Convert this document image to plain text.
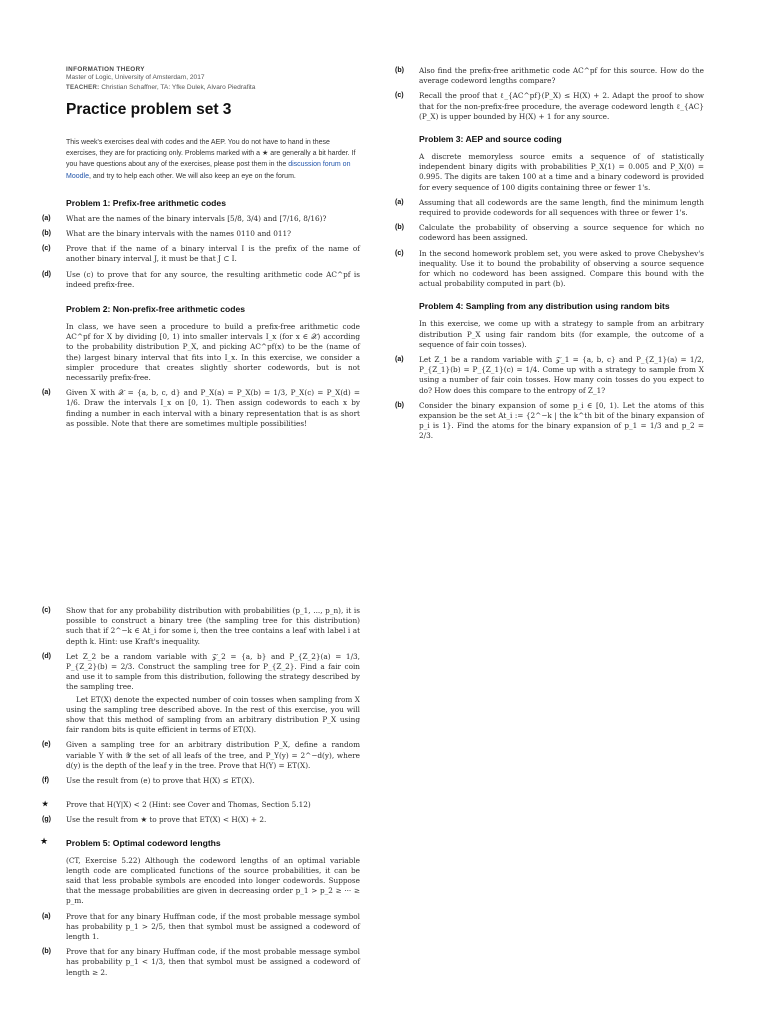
INFORMATION THEORY
Master of Logic, University of Amsterdam, 2017
TEACHER: Christian Schaffner, TA: Yfke Dulek, Alvaro Piedrafita
Practice problem set 3
This week's exercises deal with codes and the AEP. You do not have to hand in these exercises, they are for practicing only. Problems marked with a ★ are generally a bit harder. If you have questions about any of the exercises, please post them in the discussion forum on Moodle, and try to help each other. We will also keep an eye on the forum.
Problem 1: Prefix-free arithmetic codes
(a) What are the names of the binary intervals [5/8, 3/4) and [7/16, 8/16)?
(b) What are the binary intervals with the names 0110 and 011?
(c) Prove that if the name of a binary interval I is the prefix of the name of another binary interval J, it must be that J ⊂ I.
(d) Use (c) to prove that for any source, the resulting arithmetic code AC^pf is indeed prefix-free.
Problem 2: Non-prefix-free arithmetic codes
In class, we have seen a procedure to build a prefix-free arithmetic code AC^pf for X by dividing [0, 1) into smaller intervals I_x (for x ∈ 𝒳) according to the probability distribution P_X, and picking AC^pf(x) to be the (name of the) largest binary interval that fits into I_x. In this exercise, we consider a simpler procedure that creates slightly shorter codewords, but is not necessarily prefix-free.
(a) Given X with 𝒳 = {a, b, c, d} and P_X(a) = P_X(b) = 1/3, P_X(c) = P_X(d) = 1/6. Draw the intervals I_x on [0, 1). Then assign codewords to each x by finding a number in each interval with a binary representation that is as short as possible. Note that there are sometimes multiple possibilities!
(b) Also find the prefix-free arithmetic code AC^pf for this source. How do the average codeword lengths compare?
(c) Recall the proof that ℓ_{AC^pf}(P_X) ≤ H(X) + 2. Adapt the proof to show that for the non-prefix-free procedure, the average codeword length ℓ_{AC}(P_X) is upper bounded by H(X) + 1 for any source.
Problem 3: AEP and source coding
A discrete memoryless source emits a sequence of of statistically independent binary digits with probabilities P_X(1) = 0.005 and P_X(0) = 0.995. The digits are taken 100 at a time and a binary codeword is provided for every sequence of 100 digits containing three or fewer 1's.
(a) Assuming that all codewords are the same length, find the minimum length required to provide codewords for all sequences with three or fewer 1's.
(b) Calculate the probability of observing a source sequence for which no codeword has been assigned.
(c) In the second homework problem set, you were asked to prove Chebyshev's inequality. Use it to bound the probability of observing a source sequence for which no codeword has been assigned. Compare this bound with the actual probability computed in part (b).
Problem 4: Sampling from any distribution using random bits
In this exercise, we come up with a strategy to sample from an arbitrary distribution P_X using fair random bits (for example, the outcome of a sequence of fair coin tosses).
(a) Let Z_1 be a random variable with 𝒵_1 = {a, b, c} and P_{Z_1}(a) = 1/2, P_{Z_1}(b) = P_{Z_1}(c) = 1/4. Come up with a strategy to sample from X using a number of fair coin tosses. How many coin tosses do you expect to do? How does this compare to the entropy of Z_1?
(b) Consider the binary expansion of some p_i ∈ [0, 1). Let the atoms of this expansion be the set At_i := {2^−k | the k^th bit of the binary expansion of p_i is 1}. Find the atoms for the binary expansion of p_1 = 1/3 and p_2 = 2/3.
(c) Show that for any probability distribution with probabilities (p_1, ..., p_n), it is possible to construct a binary tree (the sampling tree for this distribution) such that if 2^−k ∈ At_i for some i, then the tree contains a leaf with label i at depth k. Hint: use Kraft's inequality.
(d) Let Z_2 be a random variable with 𝒵_2 = {a, b} and P_{Z_2}(a) = 1/3, P_{Z_2}(b) = 2/3. Construct the sampling tree for P_{Z_2}. Find a fair coin and use it to sample from this distribution, following the strategy described by the sampling tree.
Let ET(X) denote the expected number of coin tosses when sampling from X using the sampling tree described above. In the rest of this exercise, you will show that this method of sampling from an arbitrary distribution P_X using fair random bits is quite efficient in terms of ET(X).
(e) Given a sampling tree for an arbitrary distribution P_X, define a random variable Y with 𝒴 the set of all leafs of the tree, and P_Y(y) = 2^−d(y), where d(y) is the depth of the leaf y in the tree. Prove that H(Y) = ET(X).
(f) Use the result from (e) to prove that H(X) ≤ ET(X).
★ Prove that H(Y|X) < 2 (Hint: see Cover and Thomas, Section 5.12)
(g) Use the result from ★ to prove that ET(X) < H(X) + 2.
★ Problem 5: Optimal codeword lengths
(CT, Exercise 5.22) Although the codeword lengths of an optimal variable length code are complicated functions of the source probabilities, it can be said that less probable symbols are encoded into longer codewords. Suppose that the message probabilities are given in decreasing order p_1 > p_2 ≥ ··· ≥ p_m.
(a) Prove that for any binary Huffman code, if the most probable message symbol has probability p_1 > 2/5, then that symbol must be assigned a codeword of length 1.
(b) Prove that for any binary Huffman code, if the most probable message symbol has probability p_1 < 1/3, then that symbol must be assigned a codeword of length ≥ 2.
